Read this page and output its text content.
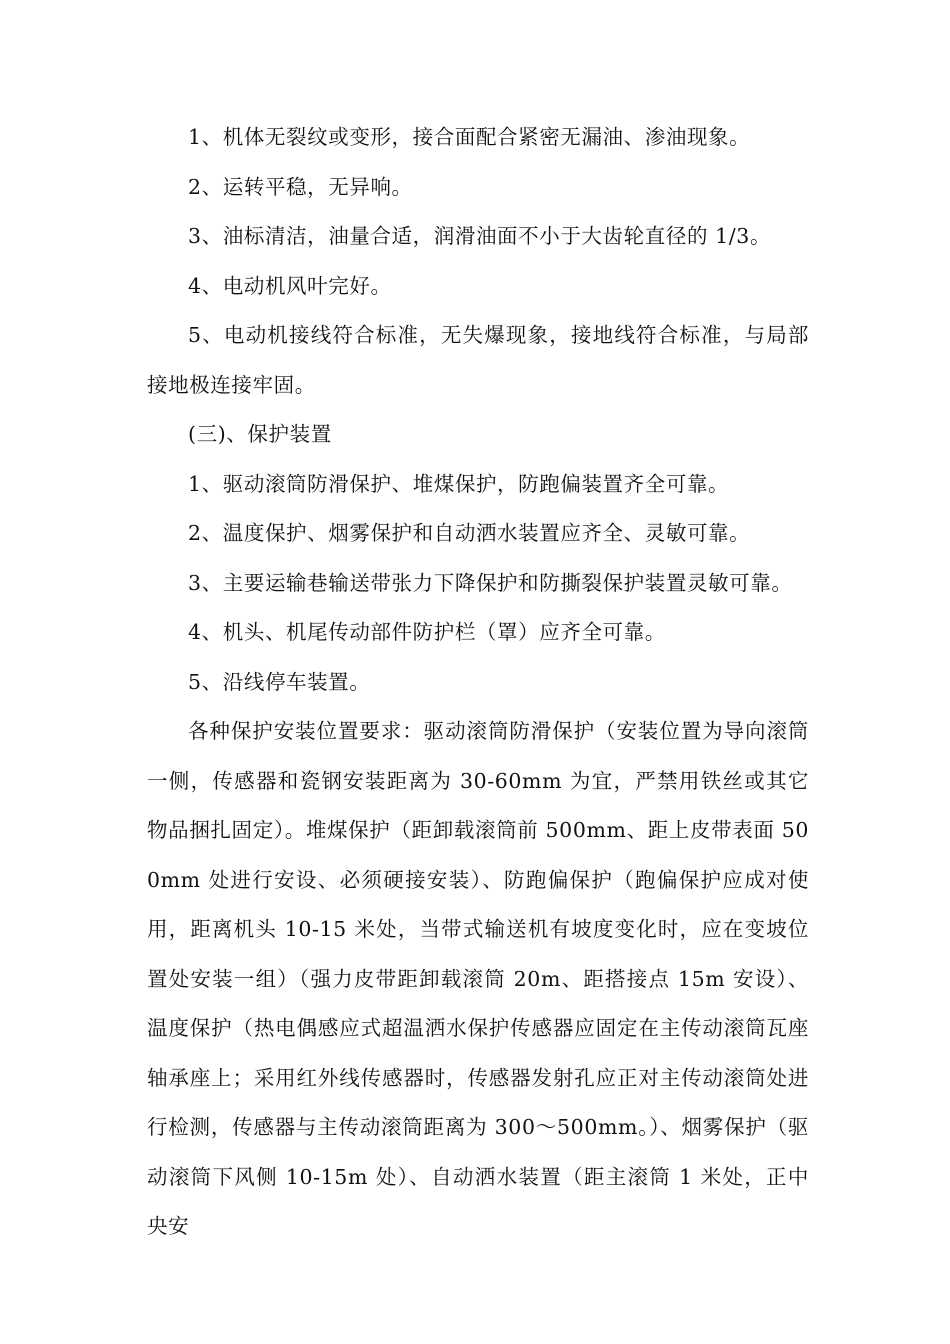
1、机体无裂纹或变形，接合面配合紧密无漏油、渗油现象。

2、运转平稳，无异响。

3、油标清洁，油量合适，润滑油面不小于大齿轮直径的 1/3。

4、电动机风叶完好。

5、电动机接线符合标准，无失爆现象，接地线符合标准，与局部接地极连接牢固。

(三)、保护装置

1、驱动滚筒防滑保护、堆煤保护，防跑偏装置齐全可靠。

2、温度保护、烟雾保护和自动洒水装置应齐全、灵敏可靠。

3、主要运输巷输送带张力下降保护和防撕裂保护装置灵敏可靠。

4、机头、机尾传动部件防护栏（罩）应齐全可靠。

5、沿线停车装置。

各种保护安装位置要求：驱动滚筒防滑保护（安装位置为导向滚筒一侧，传感器和瓷钢安装距离为 30-60mm 为宜，严禁用铁丝或其它物品捆扎固定）。堆煤保护（距卸载滚筒前 500mm、距上皮带表面 500mm 处进行安设、必须硬接安装）、防跑偏保护（跑偏保护应成对使用，距离机头 10-15 米处，当带式输送机有坡度变化时，应在变坡位置处安装一组）（强力皮带距卸载滚筒 20m、距搭接点 15m 安设）、温度保护（热电偶感应式超温洒水保护传感器应固定在主传动滚筒瓦座轴承座上；采用红外线传感器时，传感器发射孔应正对主传动滚筒处进行检测，传感器与主传动滚筒距离为 300～500mm。）、烟雾保护（驱动滚筒下风侧 10-15m 处）、自动洒水装置（距主滚筒 1 米处，正中央安
